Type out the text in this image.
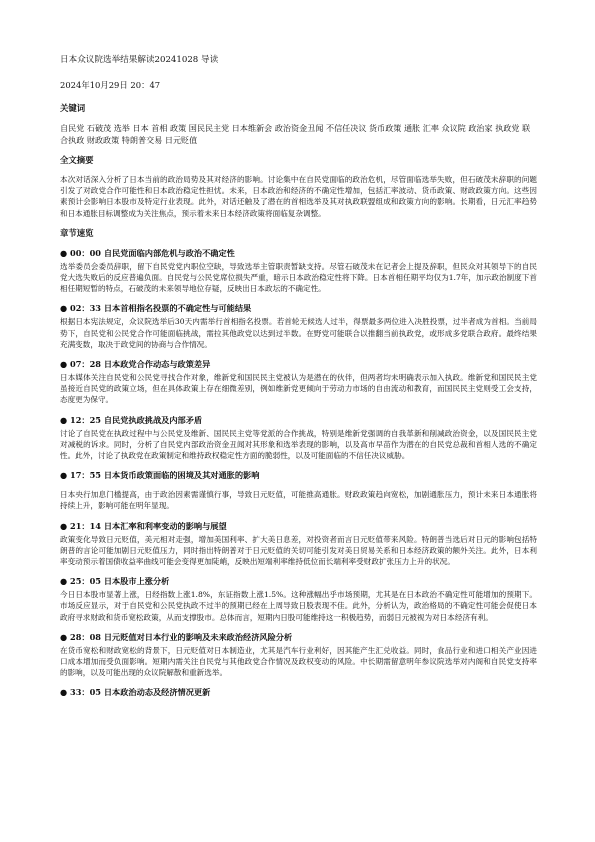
日本众议院选举结果解读20241028 导读
2024年10月29日 20：47
关键词
自民党 石破茂 选举 日本 首相 政策 国民民主党 日本维新会 政治资金丑闻 不信任决议 货币政策 通胀 汇率 众议院 政治家 执政党 联合执政 财政政策 特朗普交易 日元贬值
全文摘要
本次对话深入分析了日本当前的政治局势及其对经济的影响。讨论集中在自民党面临的政治危机，尽管面临选举失败，但石破茂未辞职的问题引发了对政党合作可能性和日本政治稳定性担忧。未来，日本政治和经济的不确定性增加，包括汇率波动、货币政策、财政政策方向。这些因素预计会影响日本股市及特定行业表现。此外，对话还触及了潜在的首相选举及其对执政联盟组成和政策方向的影响。长期看，日元汇率趋势和日本通胀目标调整成为关注焦点，预示着未来日本经济政策将面临复杂调整。
章节速览
● 00：00 自民党面临内部危机与政治不确定性
选举委员会委员辞职，留下自民党党内职位空缺，导致选举主管职责暂缺支持。尽管石破茂未在记者会上提及辞职，但民众对其领导下的自民党大选失败后的反应普遍负面。自民党与公民党席位损失严重，暗示日本政治稳定性将下降。日本首相任期平均仅为1.7年，加示政治制度下首相任期短暂的特点，石破茂的未来领导地位存疑，反映出日本政坛的不确定性。
● 02：33 日本首相指名投票的不确定性与可能结果
根据日本宪法规定，众议院选举后30天内需举行首相指名投票。若首轮无候选人过半，得票最多两位进入决胜投票，过半者成为首相。当前局势下，自民党和公民党合作可能面临挑战，需拉其他政党以达到过半数。在野党可能联合以推翻当前执政党，或形成多党联合政府。最终结果充满变数，取决于政党间的协商与合作情况。
● 07：28 日本政党合作动态与政策差异
日本媒体关注自民党和公民党寻找合作对象，维新党和国民民主党被认为是潜在的伙伴，但两者均未明确表示加入执政。维新党和国民民主党虽接近自民党的政策立场，但在具体政策上存在细微差别，例如维新党更倾向于劳动力市场的自由流动和教育，而国民民主党则受工会支持，态度更为保守。
● 12：25 自民党执政挑战及内部矛盾
讨论了自民党在执政过程中与公民党及维新、国民民主党等党派的合作挑战，特别是维新党强调的自我革新和削减政治资金，以及国民民主党对减税的诉求。同时，分析了自民党内部政治资金丑闻对其形象和选举表现的影响，以及高市早苗作为潜在的自民党总裁和首相人选的不确定性。此外，讨论了执政党在政策制定和维持政权稳定性方面的脆弱性，以及可能面临的不信任决议威胁。
● 17：55 日本货币政策面临的困境及其对通胀的影响
日本央行加息门槛提高，由于政治因素需谨慎行事，导致日元贬值，可能推高通胀。财政政策趋向宽松，加剧通胀压力，预计未来日本通胀将持续上升，影响可能在明年显现。
● 21：14 日本汇率和利率变动的影响与展望
政策变化导致日元贬值，美元相对走强，增加美国利率、扩大美日息差，对投资者而言日元贬值带来风险。特朗普当选后对日元的影响包括特朗普的言论可能加剧日元贬值压力，同时指出特朗普对于日元贬值的关切可能引发对美日贸易关系和日本经济政策的额外关注。此外，日本利率变动预示着国债收益率曲线可能会变得更加陡峭，反映出短端利率维持低位而长端利率受财政扩张压力上升的状况。
● 25：05 日本股市上涨分析
今日日本股市显著上涨，日经指数上涨1.8%，东证指数上涨1.5%。这种涨幅出乎市场预期，尤其是在日本政治不确定性可能增加的预期下。市场反应显示，对于自民党和公民党执政不过半的预期已经在上周导致日股表现不佳。此外，分析认为，政治格局的不确定性可能会促使日本政府寻求财政和货币宽松政策，从而支撑股市。总体而言，短期内日股可能维持这一积极趋势，而弱日元被视为对日本经济有利。
● 28：08 日元贬值对日本行业的影响及未来政治经济风险分析
在货币宽松和财政宽松的背景下，日元贬值对日本制造业，尤其是汽车行业利好，因其能产生汇兑收益。同时，食品行业和进口相关产业因进口成本增加而受负面影响。短期内需关注自民党与其他政党合作情况及政权变动的风险。中长期需留意明年参议院选举对内阁和自民党支持率的影响，以及可能出现的众议院解散和重新选举。
● 33：05 日本政治动态及经济情况更新
